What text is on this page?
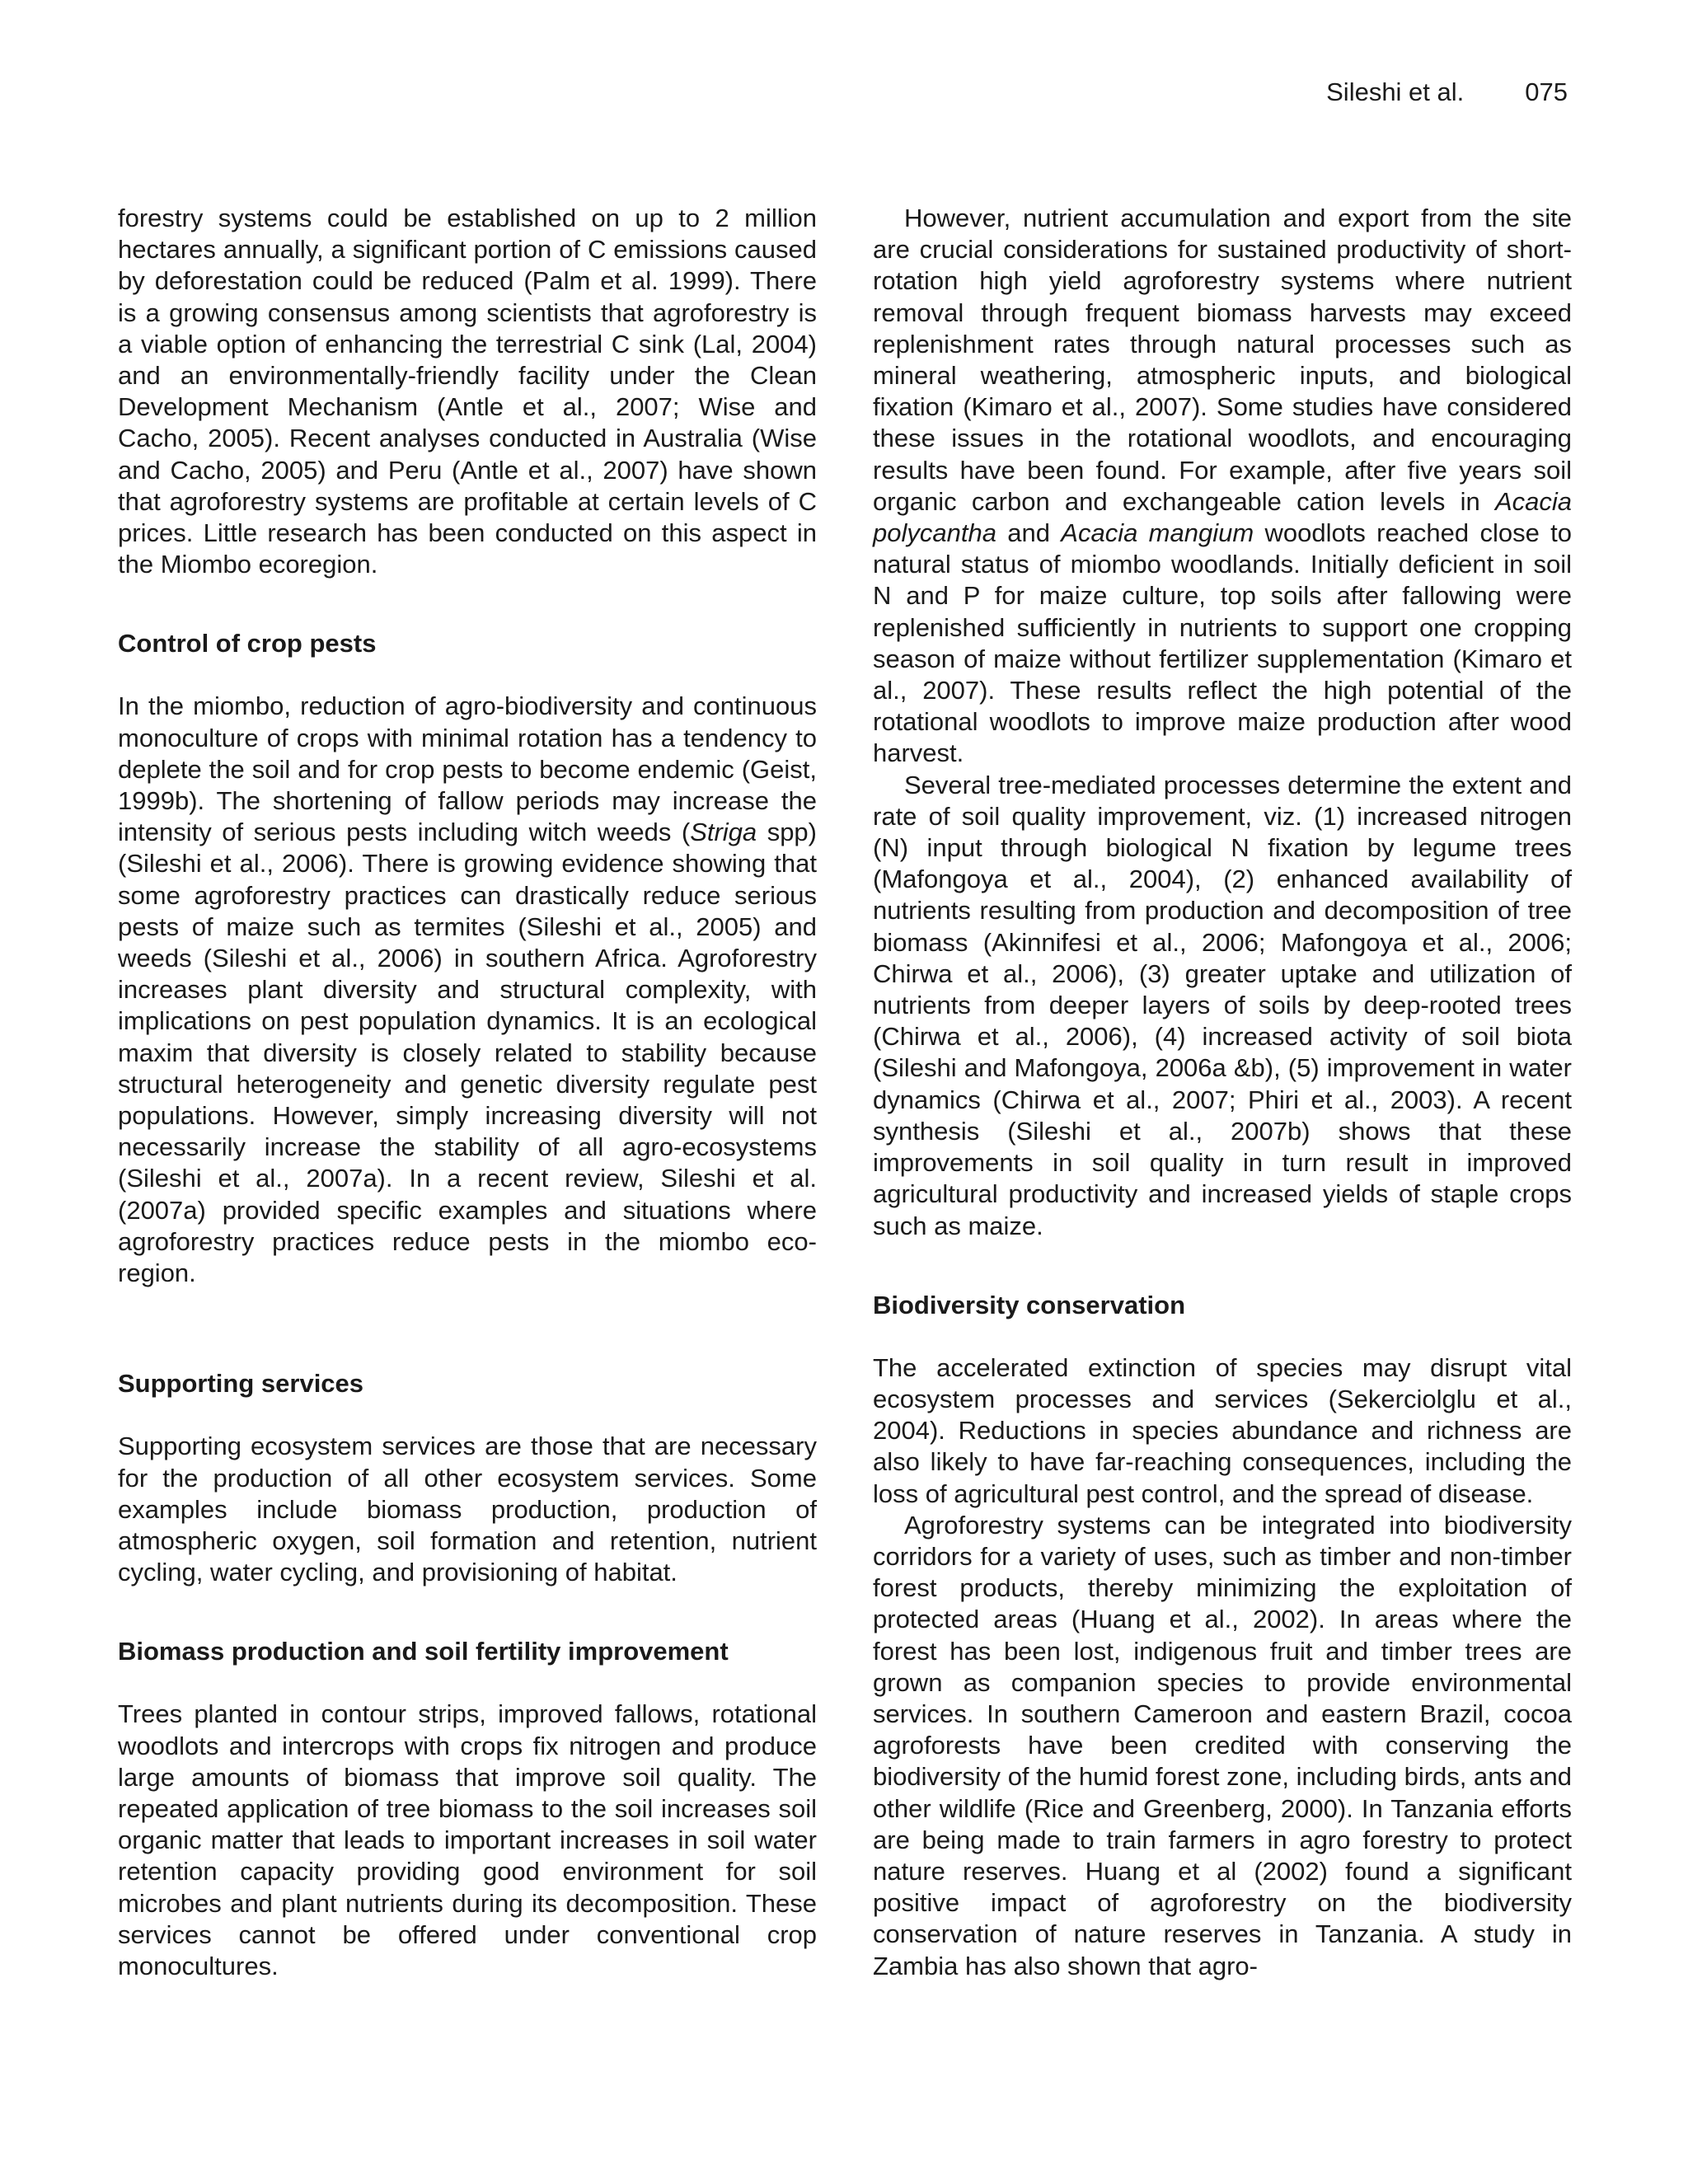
Sileshi et al. 075

forestry systems could be established on up to 2 million hectares annually, a significant portion of C emissions caused by deforestation could be reduced (Palm et al. 1999). There is a growing consensus among scientists that agroforestry is a viable option of enhancing the terrestrial C sink (Lal, 2004) and an environmentally-friendly facility under the Clean Development Mechanism (Antle et al., 2007; Wise and Cacho, 2005). Recent analyses conducted in Australia (Wise and Cacho, 2005) and Peru (Antle et al., 2007) have shown that agroforestry systems are profitable at certain levels of C prices. Little research has been conducted on this aspect in the Miombo ecoregion.

Control of crop pests

In the miombo, reduction of agro-biodiversity and continuous monoculture of crops with minimal rotation has a tendency to deplete the soil and for crop pests to become endemic (Geist, 1999b). The shortening of fallow periods may increase the intensity of serious pests including witch weeds (Striga spp) (Sileshi et al., 2006). There is growing evidence showing that some agroforestry practices can drastically reduce serious pests of maize such as termites (Sileshi et al., 2005) and weeds (Sileshi et al., 2006) in southern Africa. Agroforestry increases plant diversity and structural complexity, with implications on pest population dynamics. It is an ecological maxim that diversity is closely related to stability because structural heterogeneity and genetic diversity regulate pest populations. However, simply increasing diversity will not necessarily increase the stability of all agro-ecosystems (Sileshi et al., 2007a). In a recent review, Sileshi et al. (2007a) provided specific examples and situations where agroforestry practices reduce pests in the miombo eco-region.

Supporting services

Supporting ecosystem services are those that are necessary for the production of all other ecosystem services. Some examples include biomass production, production of atmospheric oxygen, soil formation and retention, nutrient cycling, water cycling, and provisioning of habitat.

Biomass production and soil fertility improvement

Trees planted in contour strips, improved fallows, rotational woodlots and intercrops with crops fix nitrogen and produce large amounts of biomass that improve soil quality. The repeated application of tree biomass to the soil increases soil organic matter that leads to important increases in soil water retention capacity providing good environment for soil microbes and plant nutrients during its decomposition. These services cannot be offered under conventional crop monocultures.

However, nutrient accumulation and export from the site are crucial considerations for sustained productivity of short-rotation high yield agroforestry systems where nutrient removal through frequent biomass harvests may exceed replenishment rates through natural processes such as mineral weathering, atmospheric inputs, and biological fixation (Kimaro et al., 2007). Some studies have considered these issues in the rotational woodlots, and encouraging results have been found. For example, after five years soil organic carbon and exchangeable cation levels in Acacia polycantha and Acacia mangium woodlots reached close to natural status of miombo woodlands. Initially deficient in soil N and P for maize culture, top soils after fallowing were replenished sufficiently in nutrients to support one cropping season of maize without fertilizer supplementation (Kimaro et al., 2007). These results reflect the high potential of the rotational woodlots to improve maize production after wood harvest.

Several tree-mediated processes determine the extent and rate of soil quality improvement, viz. (1) increased nitrogen (N) input through biological N fixation by legume trees (Mafongoya et al., 2004), (2) enhanced availability of nutrients resulting from production and decomposition of tree biomass (Akinnifesi et al., 2006; Mafongoya et al., 2006; Chirwa et al., 2006), (3) greater uptake and utilization of nutrients from deeper layers of soils by deep-rooted trees (Chirwa et al., 2006), (4) increased activity of soil biota (Sileshi and Mafongoya, 2006a &b), (5) improvement in water dynamics (Chirwa et al., 2007; Phiri et al., 2003). A recent synthesis (Sileshi et al., 2007b) shows that these improvements in soil quality in turn result in improved agricultural productivity and increased yields of staple crops such as maize.

Biodiversity conservation

The accelerated extinction of species may disrupt vital ecosystem processes and services (Sekerciolglu et al., 2004). Reductions in species abundance and richness are also likely to have far-reaching consequences, including the loss of agricultural pest control, and the spread of disease.

Agroforestry systems can be integrated into biodiversity corridors for a variety of uses, such as timber and non-timber forest products, thereby minimizing the exploitation of protected areas (Huang et al., 2002). In areas where the forest has been lost, indigenous fruit and timber trees are grown as companion species to provide environmental services. In southern Cameroon and eastern Brazil, cocoa agroforests have been credited with conserving the biodiversity of the humid forest zone, including birds, ants and other wildlife (Rice and Greenberg, 2000). In Tanzania efforts are being made to train farmers in agro forestry to protect nature reserves. Huang et al (2002) found a significant positive impact of agroforestry on the biodiversity conservation of nature reserves in Tanzania. A study in Zambia has also shown that agro-
